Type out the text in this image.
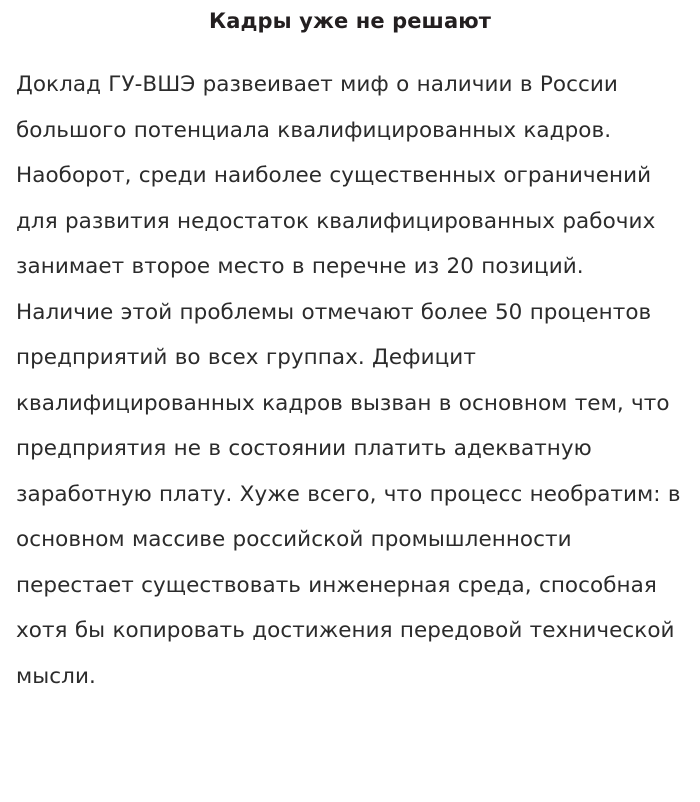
Кадры уже не решают

Доклад ГУ-ВШЭ развеивает миф о наличии в России большого потенциала квалифицированных кадров. Наоборот, среди наиболее существенных ограничений для развития недостаток квалифицированных рабочих занимает второе место в перечне из 20 позиций. Наличие этой проблемы отмечают более 50 процентов предприятий во всех группах. Дефицит квалифицированных кадров вызван в основном тем, что предприятия не в состоянии платить адекватную заработную плату. Хуже всего, что процесс необратим: в основном массиве российской промышленности перестает существовать инженерная среда, способная хотя бы копировать достижения передовой технической мысли.
